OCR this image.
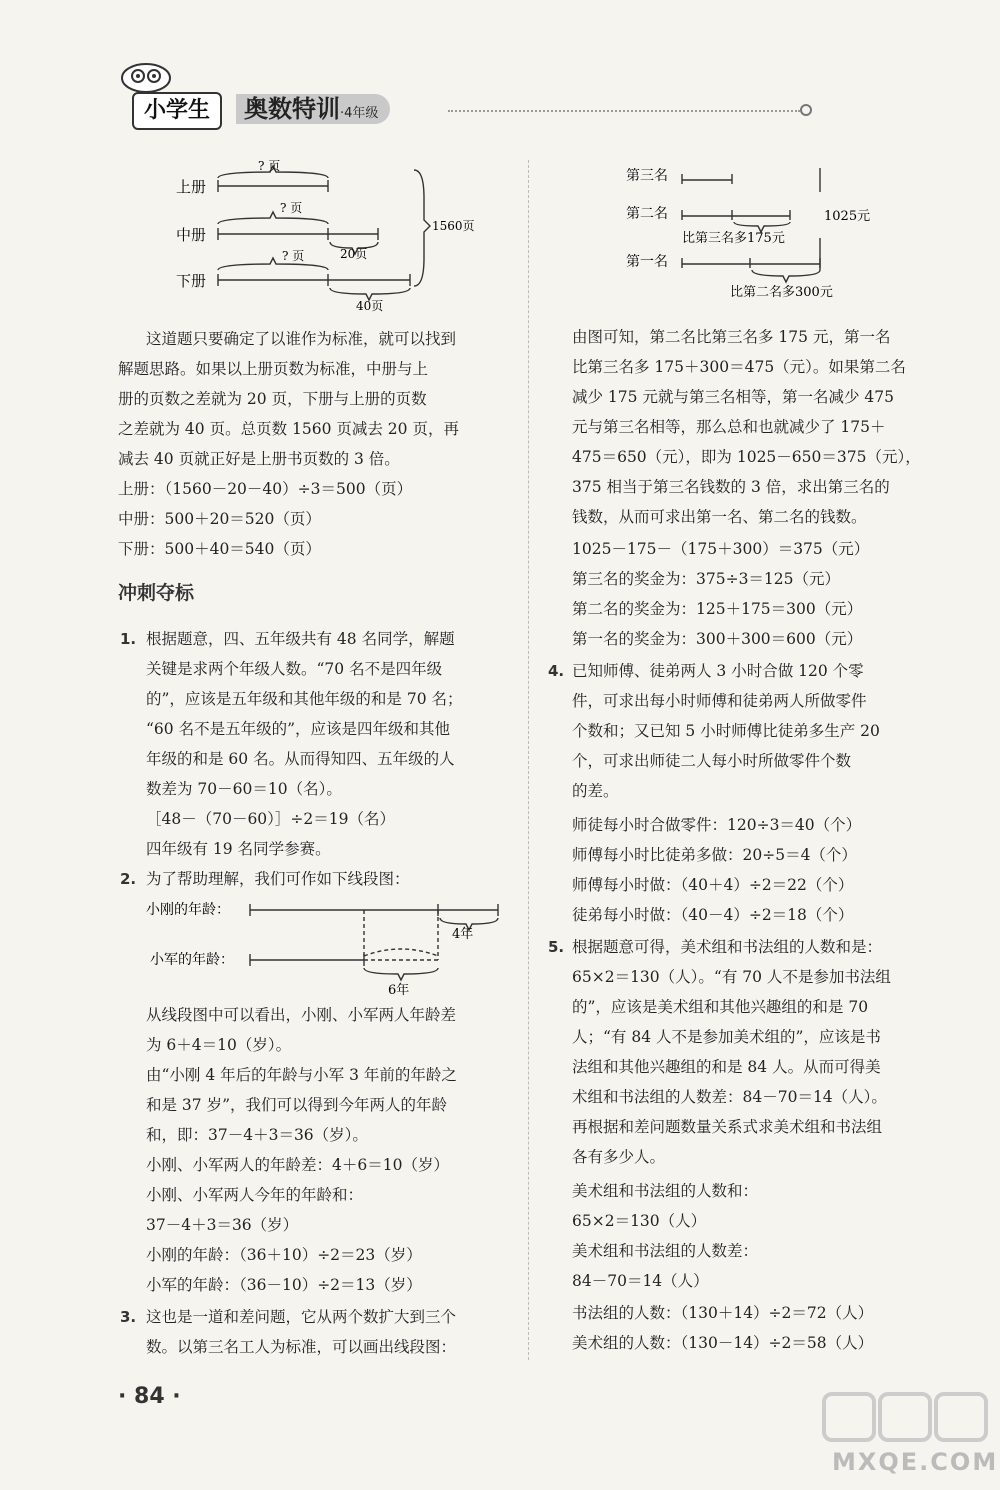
小学生	奥数特训·4年级
上册
中册
下册
? 页
? 页
? 页	20页
40页
1560页
这道题只要确定了以谁作为标准，就可以找到
解题思路。如果以上册页数为标准，中册与上
册的页数之差就为 20 页，下册与上册的页数
之差就为 40 页。总页数 1560 页减去 20 页，再
减去 40 页就正好是上册书页数的 3 倍。
上册：（1560－20－40）÷3＝500（页）
中册：500＋20＝520（页）
下册：500＋40＝540（页）
冲刺夺标
1. 根据题意，四、五年级共有 48 名同学，解题
关键是求两个年级人数。“70 名不是四年级
的”，应该是五年级和其他年级的和是 70 名；
“60 名不是五年级的”，应该是四年级和其他
年级的和是 60 名。从而得知四、五年级的人
数差为 70－60＝10（名）。
［48－（70－60）］÷2＝19（名）
四年级有 19 名同学参赛。
2. 为了帮助理解，我们可作如下线段图：
小刚的年龄：
小军的年龄：
4年
6年
从线段图中可以看出，小刚、小军两人年龄差
为 6＋4＝10（岁）。
由“小刚 4 年后的年龄与小军 3 年前的年龄之
和是 37 岁”，我们可以得到今年两人的年龄
和，即：37－4＋3＝36（岁）。
小刚、小军两人的年龄差：4＋6＝10（岁）
小刚、小军两人今年的年龄和：
37－4＋3＝36（岁）
小刚的年龄：（36＋10）÷2＝23（岁）
小军的年龄：（36－10）÷2＝13（岁）
3. 这也是一道和差问题，它从两个数扩大到三个
数。以第三名工人为标准，可以画出线段图：
第三名
第二名
第一名
比第三名多175元
比第二名多300元
1025元
由图可知，第二名比第三名多 175 元，第一名
比第三名多 175＋300＝475（元）。如果第二名
减少 175 元就与第三名相等，第一名减少 475
元与第三名相等，那么总和也就减少了 175＋
475＝650（元），即为 1025－650＝375（元），
375 相当于第三名钱数的 3 倍，求出第三名的
钱数，从而可求出第一名、第二名的钱数。
1025－175－（175＋300）＝375（元）
第三名的奖金为：375÷3＝125（元）
第二名的奖金为：125＋175＝300（元）
第一名的奖金为：300＋300＝600（元）
4. 已知师傅、徒弟两人 3 小时合做 120 个零
件，可求出每小时师傅和徒弟两人所做零件
个数和；又已知 5 小时师傅比徒弟多生产 20
个，可求出师徒二人每小时所做零件个数
的差。
师徒每小时合做零件：120÷3＝40（个）
师傅每小时比徒弟多做：20÷5＝4（个）
师傅每小时做：（40＋4）÷2＝22（个）
徒弟每小时做：（40－4）÷2＝18（个）
5. 根据题意可得，美术组和书法组的人数和是：
65×2＝130（人）。“有 70 人不是参加书法组
的”，应该是美术组和其他兴趣组的和是 70
人；“有 84 人不是参加美术组的”，应该是书
法组和其他兴趣组的和是 84 人。从而可得美
术组和书法组的人数差：84－70＝14（人）。
再根据和差问题数量关系式求美术组和书法组
各有多少人。
美术组和书法组的人数和：
65×2＝130（人）
美术组和书法组的人数差：
84－70＝14（人）
书法组的人数：（130＋14）÷2＝72（人）
美术组的人数：（130－14）÷2＝58（人）
· 84 ·
MXQE.COM
